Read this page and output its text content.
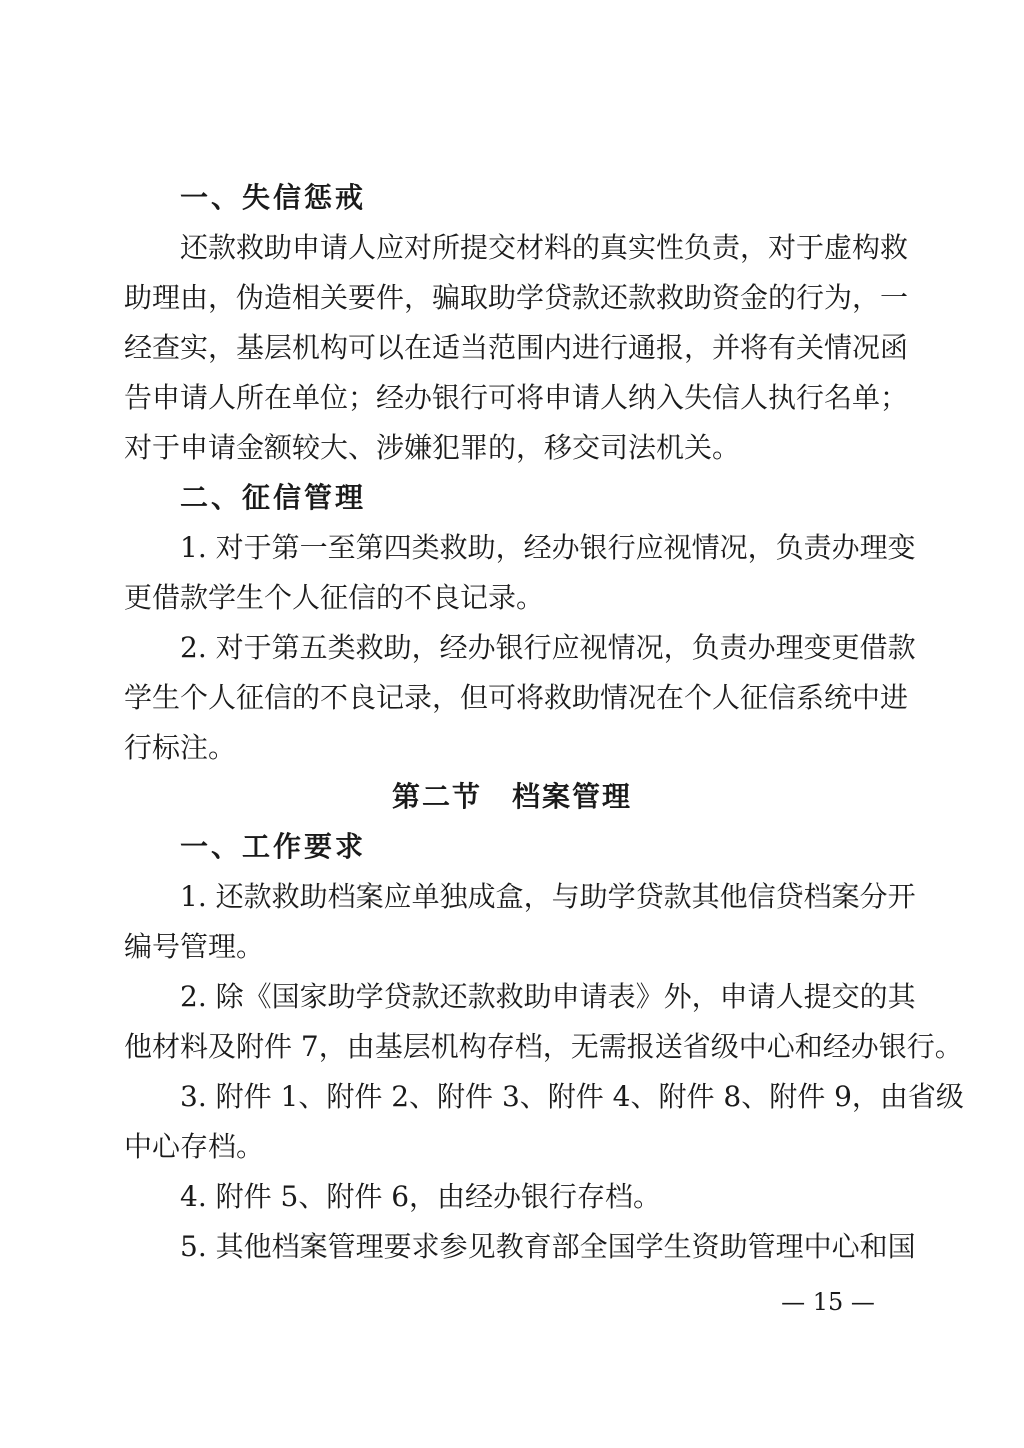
一、失信惩戒
还款救助申请人应对所提交材料的真实性负责，对于虚构救
助理由，伪造相关要件，骗取助学贷款还款救助资金的行为，一
经查实，基层机构可以在适当范围内进行通报，并将有关情况函
告申请人所在单位；经办银行可将申请人纳入失信人执行名单；
对于申请金额较大、涉嫌犯罪的，移交司法机关。
二、征信管理
1. 对于第一至第四类救助，经办银行应视情况，负责办理变
更借款学生个人征信的不良记录。
2. 对于第五类救助，经办银行应视情况，负责办理变更借款
学生个人征信的不良记录，但可将救助情况在个人征信系统中进
行标注。
第二节　档案管理
一、工作要求
1. 还款救助档案应单独成盒，与助学贷款其他信贷档案分开
编号管理。
2. 除《国家助学贷款还款救助申请表》外，申请人提交的其
他材料及附件 7，由基层机构存档，无需报送省级中心和经办银行。
3. 附件 1、附件 2、附件 3、附件 4、附件 8、附件 9，由省级
中心存档。
4. 附件 5、附件 6，由经办银行存档。
5. 其他档案管理要求参见教育部全国学生资助管理中心和国
— 15 —
